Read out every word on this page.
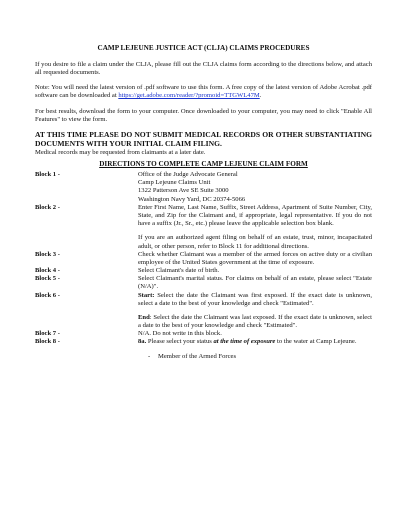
CAMP LEJEUNE JUSTICE ACT (CLJA) CLAIMS PROCEDURES

If you desire to file a claim under the CLJA, please fill out the CLJA claims form according to the directions below, and attach all requested documents.

Note: You will need the latest version of .pdf software to use this form. A free copy of the latest version of Adobe Acrobat .pdf software can be downloaded at https://get.adobe.com/reader/?promoid=TTGWL47M.

For best results, download the form to your computer. Once downloaded to your computer, you may need to click "Enable All Features" to view the form.

AT THIS TIME PLEASE DO NOT SUBMIT MEDICAL RECORDS OR OTHER SUBSTANTIATING DOCUMENTS WITH YOUR INITIAL CLAIM FILING.

Medical records may be requested from claimants at a later date.

DIRECTIONS TO COMPLETE CAMP LEJEUNE CLAIM FORM
Block 1 -	Office of the Judge Advocate General
Camp Lejeune Claims Unit
1322 Patterson Ave SE Suite 3000
Washington Navy Yard, DC 20374-5066

Block 2 -	Enter First Name, Last Name, Suffix, Street Address, Apartment of Suite Number, City, State, and Zip for the Claimant and, if appropriate, legal representative. If you do not have a suffix (Jr., Sr., etc.) please leave the applicable selection box blank.

If you are an authorized agent filing on behalf of an estate, trust, minor, incapacitated adult, or other person, refer to Block 11 for additional directions.

Block 3 -	Check whether Claimant was a member of the armed forces on active duty or a civilian employee of the United States government at the time of exposure.
Block 4 -	Select Claimant's date of birth.
Block 5 -	Select Claimant's marital status. For claims on behalf of an estate, please select "Estate (N/A)".
Block 6 -	Start: Select the date the Claimant was first exposed. If the exact date is unknown, select a date to the best of your knowledge and check "Estimated".

End: Select the date the Claimant was last exposed. If the exact date is unknown, select a date to the best of your knowledge and check "Estimated".

Block 7 -	N/A. Do not write in this block.
Block 8 -	8a. Please select your status at the time of exposure to the water at Camp Lejeune.
- Member of the Armed Forces
